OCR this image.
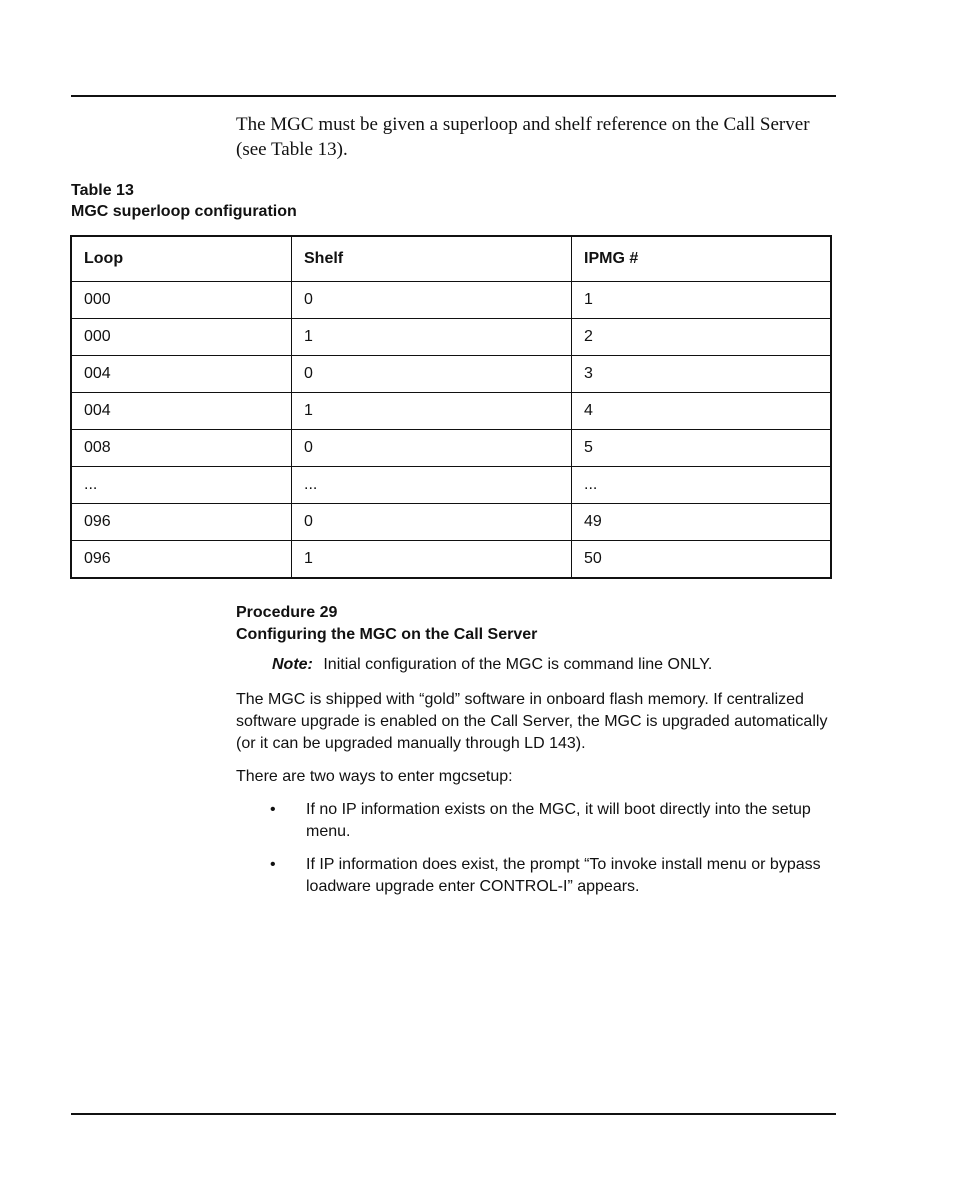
The MGC must be given a superloop and shelf reference on the Call Server (see Table 13).
Table 13
MGC superloop configuration
Loop	Shelf	IPMG #
000	0	1
000	1	2
004	0	3
004	1	4
008	0	5
...	...	...
096	0	49
096	1	50
Procedure 29
Configuring the MGC on the Call Server
Note: Initial configuration of the MGC is command line ONLY.
The MGC is shipped with “gold” software in onboard flash memory. If centralized software upgrade is enabled on the Call Server, the MGC is upgraded automatically (or it can be upgraded manually through LD 143).
There are two ways to enter mgcsetup:
• If no IP information exists on the MGC, it will boot directly into the setup menu.
• If IP information does exist, the prompt “To invoke install menu or bypass loadware upgrade enter CONTROL-I” appears.
